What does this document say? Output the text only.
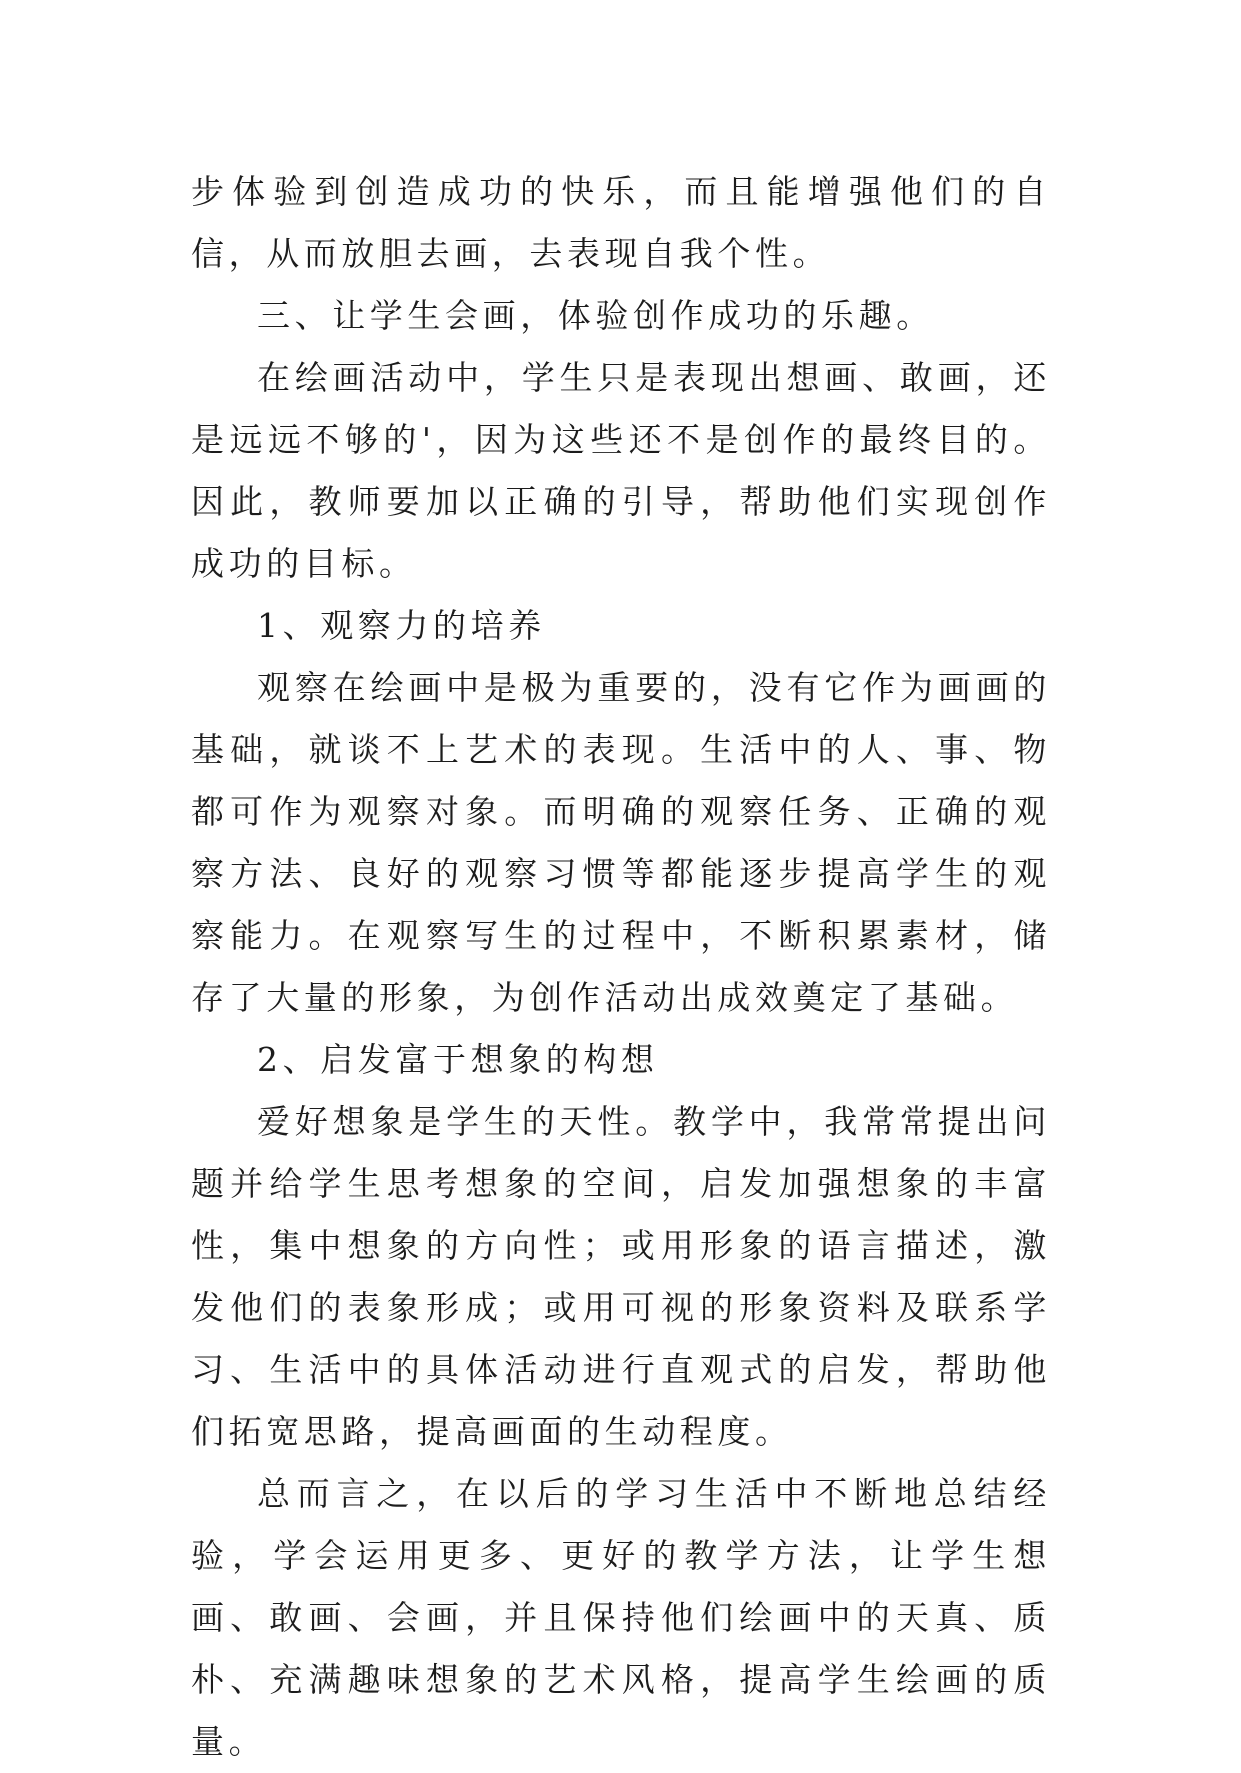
步体验到创造成功的快乐，而且能增强他们的自信，从而放胆去画，去表现自我个性。

三、让学生会画，体验创作成功的乐趣。

在绘画活动中，学生只是表现出想画、敢画，还是远远不够的'，因为这些还不是创作的最终目的。因此，教师要加以正确的引导，帮助他们实现创作成功的目标。

1、观察力的培养

观察在绘画中是极为重要的，没有它作为画画的基础，就谈不上艺术的表现。生活中的人、事、物都可作为观察对象。而明确的观察任务、正确的观察方法、良好的观察习惯等都能逐步提高学生的观察能力。在观察写生的过程中，不断积累素材，储存了大量的形象，为创作活动出成效奠定了基础。

2、启发富于想象的构想

爱好想象是学生的天性。教学中，我常常提出问题并给学生思考想象的空间，启发加强想象的丰富性，集中想象的方向性；或用形象的语言描述，激发他们的表象形成；或用可视的形象资料及联系学习、生活中的具体活动进行直观式的启发，帮助他们拓宽思路，提高画面的生动程度。

总而言之，在以后的学习生活中不断地总结经验，学会运用更多、更好的教学方法，让学生想画、敢画、会画，并且保持他们绘画中的天真、质朴、充满趣味想象的艺术风格，提高学生绘画的质量。
